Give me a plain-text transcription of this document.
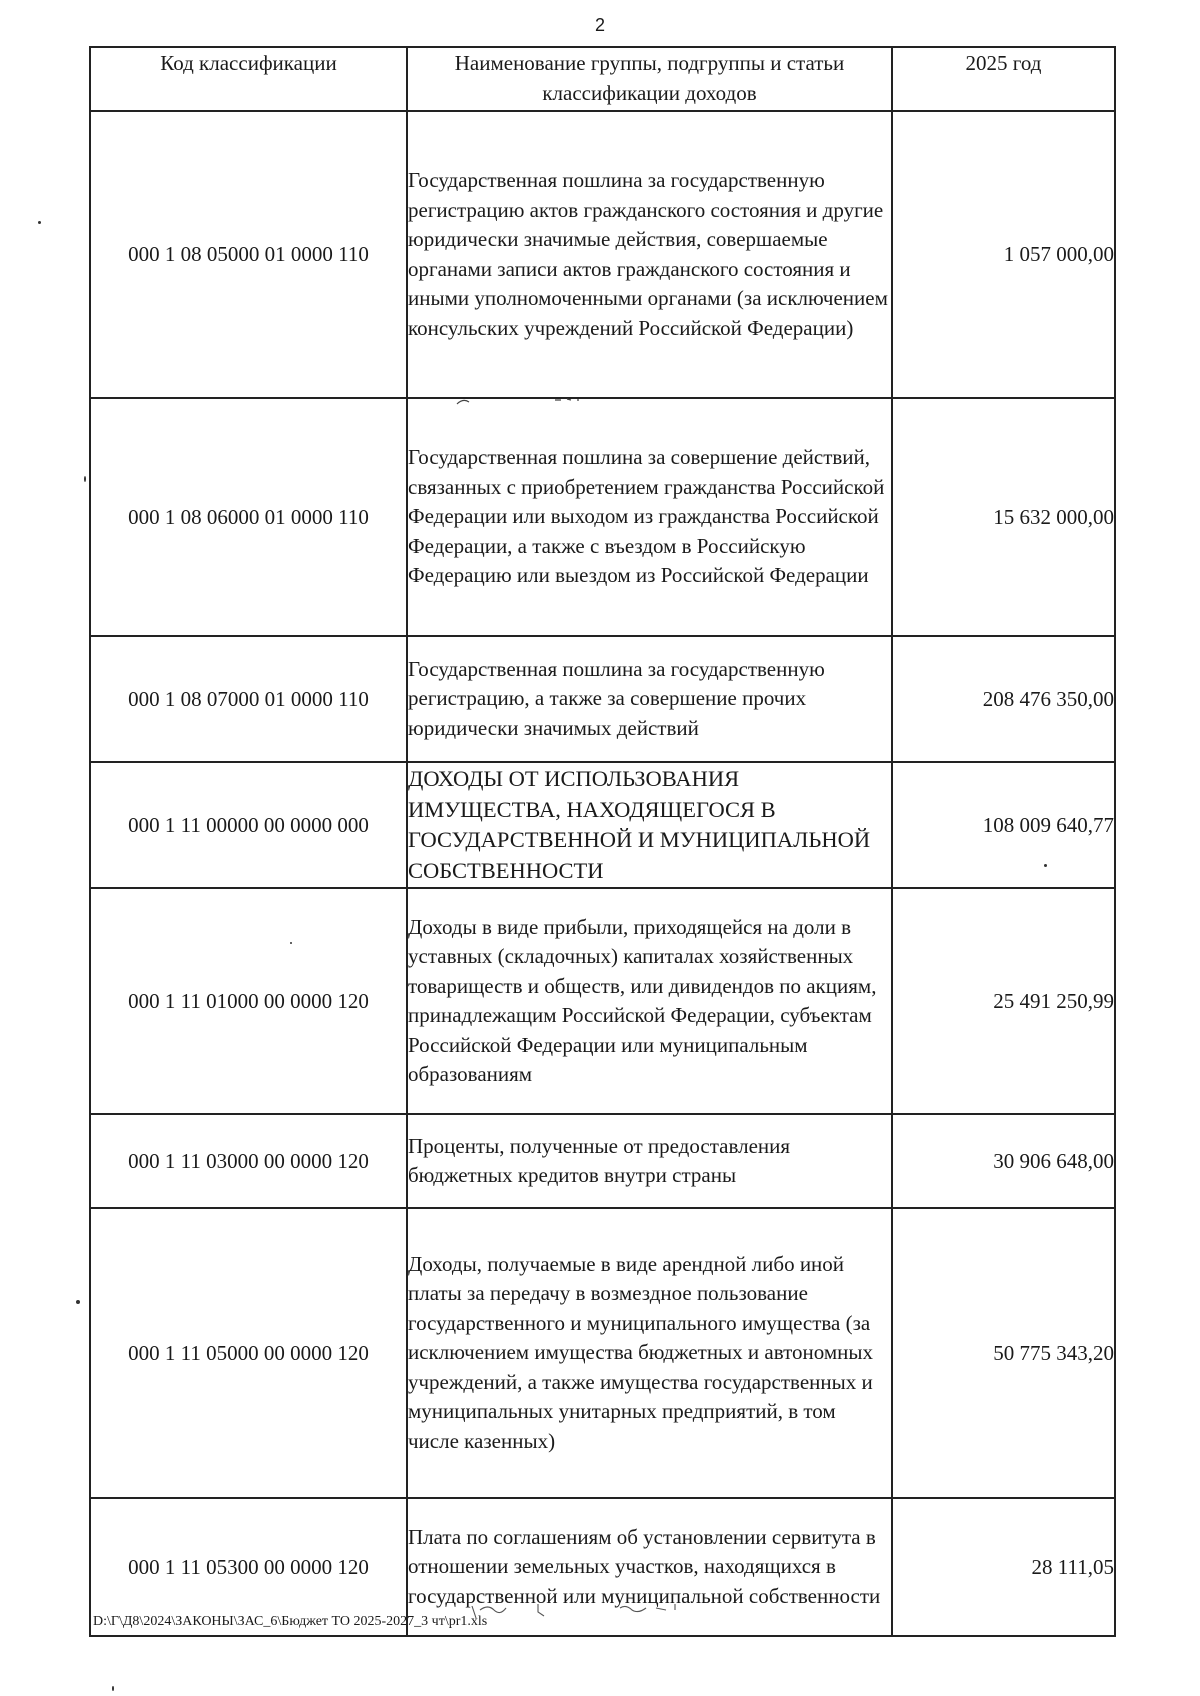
2
Код классификации	Наименование группы, подгруппы и статьи классификации доходов	2025 год
000 1 08 05000 01 0000 110	Государственная пошлина за государственную регистрацию актов гражданского состояния и другие юридически значимые действия, совершаемые органами записи актов гражданского состояния и иными уполномоченными органами (за исключением консульских учреждений Российской Федерации)	1 057 000,00
000 1 08 06000 01 0000 110	Государственная пошлина за совершение действий, связанных с приобретением гражданства Российской Федерации или выходом из гражданства Российской Федерации, а также с въездом в Российскую Федерацию или выездом из Российской Федерации	15 632 000,00
000 1 08 07000 01 0000 110	Государственная пошлина за государственную регистрацию, а также за совершение прочих юридически значимых действий	208 476 350,00
000 1 11 00000 00 0000 000	ДОХОДЫ ОТ ИСПОЛЬЗОВАНИЯ ИМУЩЕСТВА, НАХОДЯЩЕГОСЯ В ГОСУДАРСТВЕННОЙ И МУНИЦИПАЛЬНОЙ СОБСТВЕННОСТИ	108 009 640,77
000 1 11 01000 00 0000 120	Доходы в виде прибыли, приходящейся на доли в уставных (складочных) капиталах хозяйственных товариществ и обществ, или дивидендов по акциям, принадлежащим Российской Федерации, субъектам Российской Федерации или муниципальным образованиям	25 491 250,99
000 1 11 03000 00 0000 120	Проценты, полученные от предоставления бюджетных кредитов внутри страны	30 906 648,00
000 1 11 05000 00 0000 120	Доходы, получаемые в виде арендной либо иной платы за передачу в возмездное пользование государственного и муниципального имущества (за исключением имущества бюджетных и автономных учреждений, а также имущества государственных и муниципальных унитарных предприятий, в том числе казенных)	50 775 343,20
000 1 11 05300 00 0000 120	Плата по соглашениям об установлении сервитута в отношении земельных участков, находящихся в государственной или муниципальной собственности	28 111,05
D:\Г\Д8\2024\ЗАКОНЫ\ЗАС_6\Бюджет ТО 2025-2027_3 чт\pr1.xls
